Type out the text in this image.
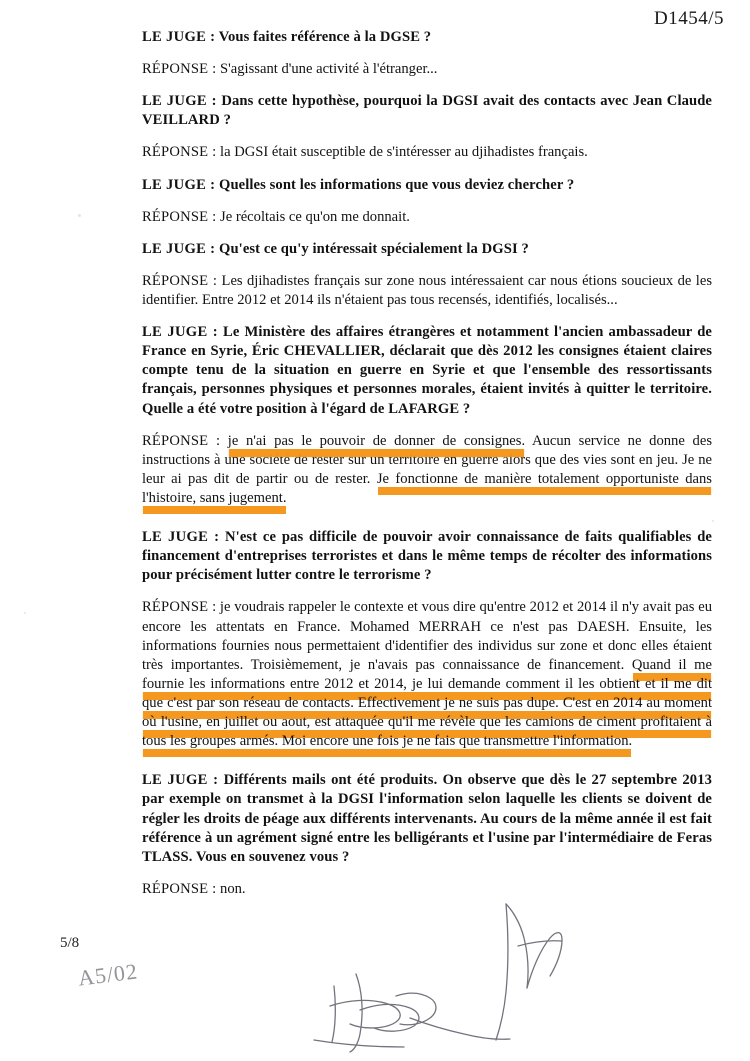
D1454/5
LE JUGE : Vous faites référence à la DGSE ?
RÉPONSE : S'agissant d'une activité à l'étranger...
LE JUGE : Dans cette hypothèse, pourquoi la DGSI avait des contacts avec Jean Claude VEILLARD ?
RÉPONSE : la DGSI était susceptible de s'intéresser au djihadistes français.
LE JUGE : Quelles sont les informations que vous deviez chercher ?
RÉPONSE : Je récoltais ce qu'on me donnait.
LE JUGE : Qu'est ce qu'y intéressait spécialement la DGSI ?
RÉPONSE : Les djihadistes français sur zone nous intéressaient car nous étions soucieux de les identifier. Entre 2012 et 2014 ils n'étaient pas tous recensés, identifiés, localisés...
LE JUGE : Le Ministère des affaires étrangères et notamment l'ancien ambassadeur de France en Syrie, Éric CHEVALLIER, déclarait que dès 2012 les consignes étaient claires compte tenu de la situation en guerre en Syrie et que l'ensemble des ressortissants français, personnes physiques et personnes morales, étaient invités à quitter le territoire. Quelle a été votre position à l'égard de LAFARGE ?
RÉPONSE : je n'ai pas le pouvoir de donner de consignes. Aucun service ne donne des instructions à une société de rester sur un territoire en guerre alors que des vies sont en jeu. Je ne leur ai pas dit de partir ou de rester. Je fonctionne de manière totalement opportuniste dans l'histoire, sans jugement.
LE JUGE : N'est ce pas difficile de pouvoir avoir connaissance de faits qualifiables de financement d'entreprises terroristes et dans le même temps de récolter des informations pour précisément lutter contre le terrorisme ?
RÉPONSE : je voudrais rappeler le contexte et vous dire qu'entre 2012 et 2014 il n'y avait pas eu encore les attentats en France. Mohamed MERRAH ce n'est pas DAESH. Ensuite, les informations fournies nous permettaient d'identifier des individus sur zone et donc elles étaient très importantes. Troisièmement, je n'avais pas connaissance de financement. Quand il me fournie les informations entre 2012 et 2014, je lui demande comment il les obtient et il me dit que c'est par son réseau de contacts. Effectivement je ne suis pas dupe. C'est en 2014 au moment où l'usine, en juillet ou aout, est attaquée qu'il me révèle que les camions de ciment profitaient à tous les groupes armés. Moi encore une fois je ne fais que transmettre l'information.
LE JUGE : Différents mails ont été produits. On observe que dès le 27 septembre 2013 par exemple on transmet à la DGSI l'information selon laquelle les clients se doivent de régler les droits de péage aux différents intervenants. Au cours de la même année il est fait référence à un agrément signé entre les belligérants et l'usine par l'intermédiaire de Feras TLASS. Vous en souvenez vous ?
RÉPONSE : non.
5/8
A5/02
